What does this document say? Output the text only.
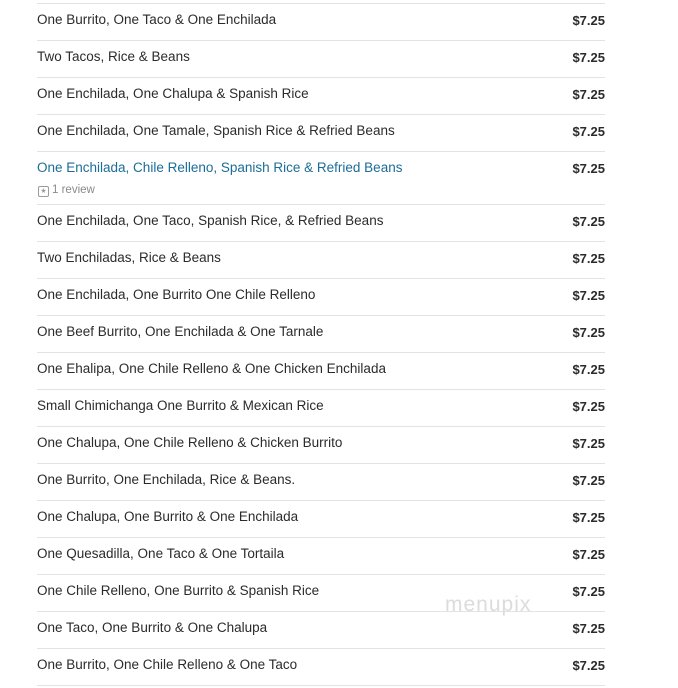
One Burrito, One Taco & One Enchilada	$7.25
Two Tacos, Rice & Beans	$7.25
One Enchilada, One Chalupa & Spanish Rice	$7.25
One Enchilada, One Tamale, Spanish Rice & Refried Beans	$7.25
One Enchilada, Chile Relleno, Spanish Rice & Refried Beans	$7.25
★ 1 review
One Enchilada, One Taco, Spanish Rice, & Refried Beans	$7.25
Two Enchiladas, Rice & Beans	$7.25
One Enchilada, One Burrito One Chile Relleno	$7.25
One Beef Burrito, One Enchilada & One Tarnale	$7.25
One Ehalipa, One Chile Relleno & One Chicken Enchilada	$7.25
Small Chimichanga One Burrito & Mexican Rice	$7.25
One Chalupa, One Chile Relleno & Chicken Burrito	$7.25
One Burrito, One Enchilada, Rice & Beans.	$7.25
One Chalupa, One Burrito & One Enchilada	$7.25
One Quesadilla, One Taco & One Tortaila	$7.25
One Chile Relleno, One Burrito & Spanish Rice	$7.25
One Taco, One Burrito & One Chalupa	$7.25
One Burrito, One Chile Relleno & One Taco	$7.25
menupix
